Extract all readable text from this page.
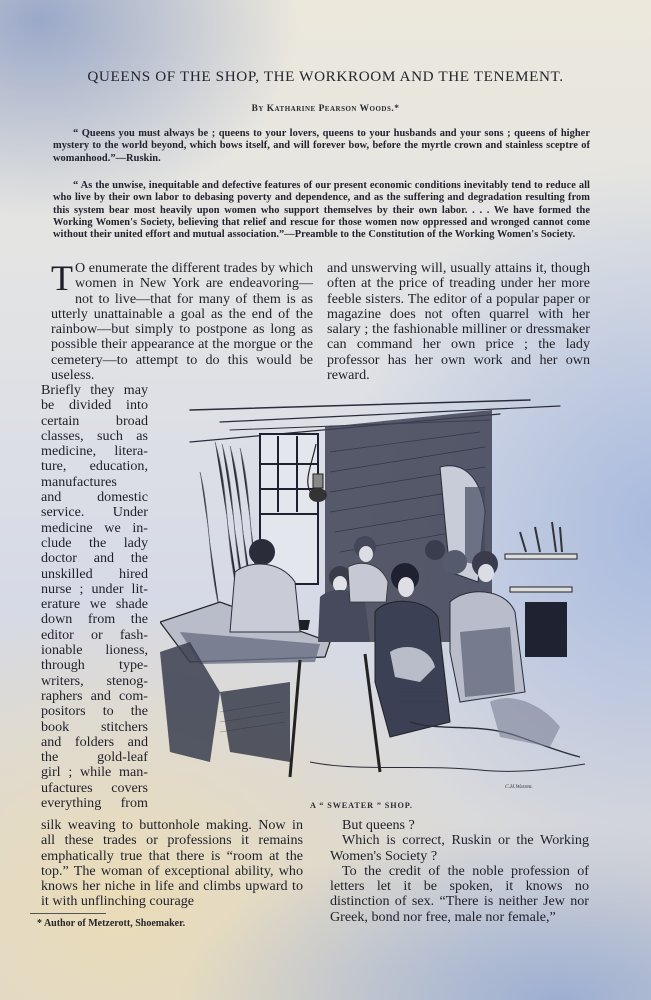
QUEENS OF THE SHOP, THE WORKROOM AND THE TENEMENT.
By Katharine Pearson Woods.*
“ Queens you must always be ; queens to your lovers, queens to your husbands and your sons ; queens of higher mystery to the world beyond, which bows itself, and will forever bow, before the myrtle crown and stainless sceptre of womanhood.”—Ruskin.
“ As the unwise, inequitable and defective features of our present economic conditions inevitably tend to reduce all who live by their own labor to debasing poverty and dependence, and as the suffering and degradation resulting from this system bear most heavily upon women who support themselves by their own labor. . . . We have formed the Working Women's Society, believing that relief and rescue for those women now oppressed and wronged cannot come without their united effort and mutual association.”—Preamble to the Constitution of the Working Women's Society.

T O enumerate the different trades by which women in New York are endeavoring—not to live—that for many of them is as utterly unattainable a goal as the end of the rainbow—but simply to postpone as long as possible their appearance at the morgue or the cemetery—to attempt to do this would be useless.

and unswerving will, usually attains it, though often at the price of treading under her more feeble sisters. The editor of a popular paper or magazine does not often quarrel with her salary ; the fashionable milliner or dressmaker can command her own price ; the lady professor has her own work and her own reward.

Briefly they may

be divided into

certain broad

classes, such as

medicine, litera-

ture, education,

manufactures

and domestic

service. Under

medicine we in-

clude the lady

doctor and the

unskilled hired

nurse ; under lit-

erature we shade

down from the

editor or fash-

ionable lioness,

through type-

writers, stenog-

raphers and com-

positors to the

book stitchers

and folders and

the gold-leaf

girl ; while man-

ufactures covers

everything from

C.H.Warren.
A “ SWEATER ” SHOP.

silk weaving to buttonhole making. Now in all these trades or professions it remains emphatically true that there is “room at the top.” The woman of exceptional ability, who knows her niche in life and climbs upward to it with unflinching courage

But queens ?

Which is correct, Ruskin or the Working Women's Society ?

To the credit of the noble profession of letters let it be spoken, it knows no distinction of sex. “There is neither Jew nor Greek, bond nor free, male nor female,”

* Author of Metzerott, Shoemaker.
